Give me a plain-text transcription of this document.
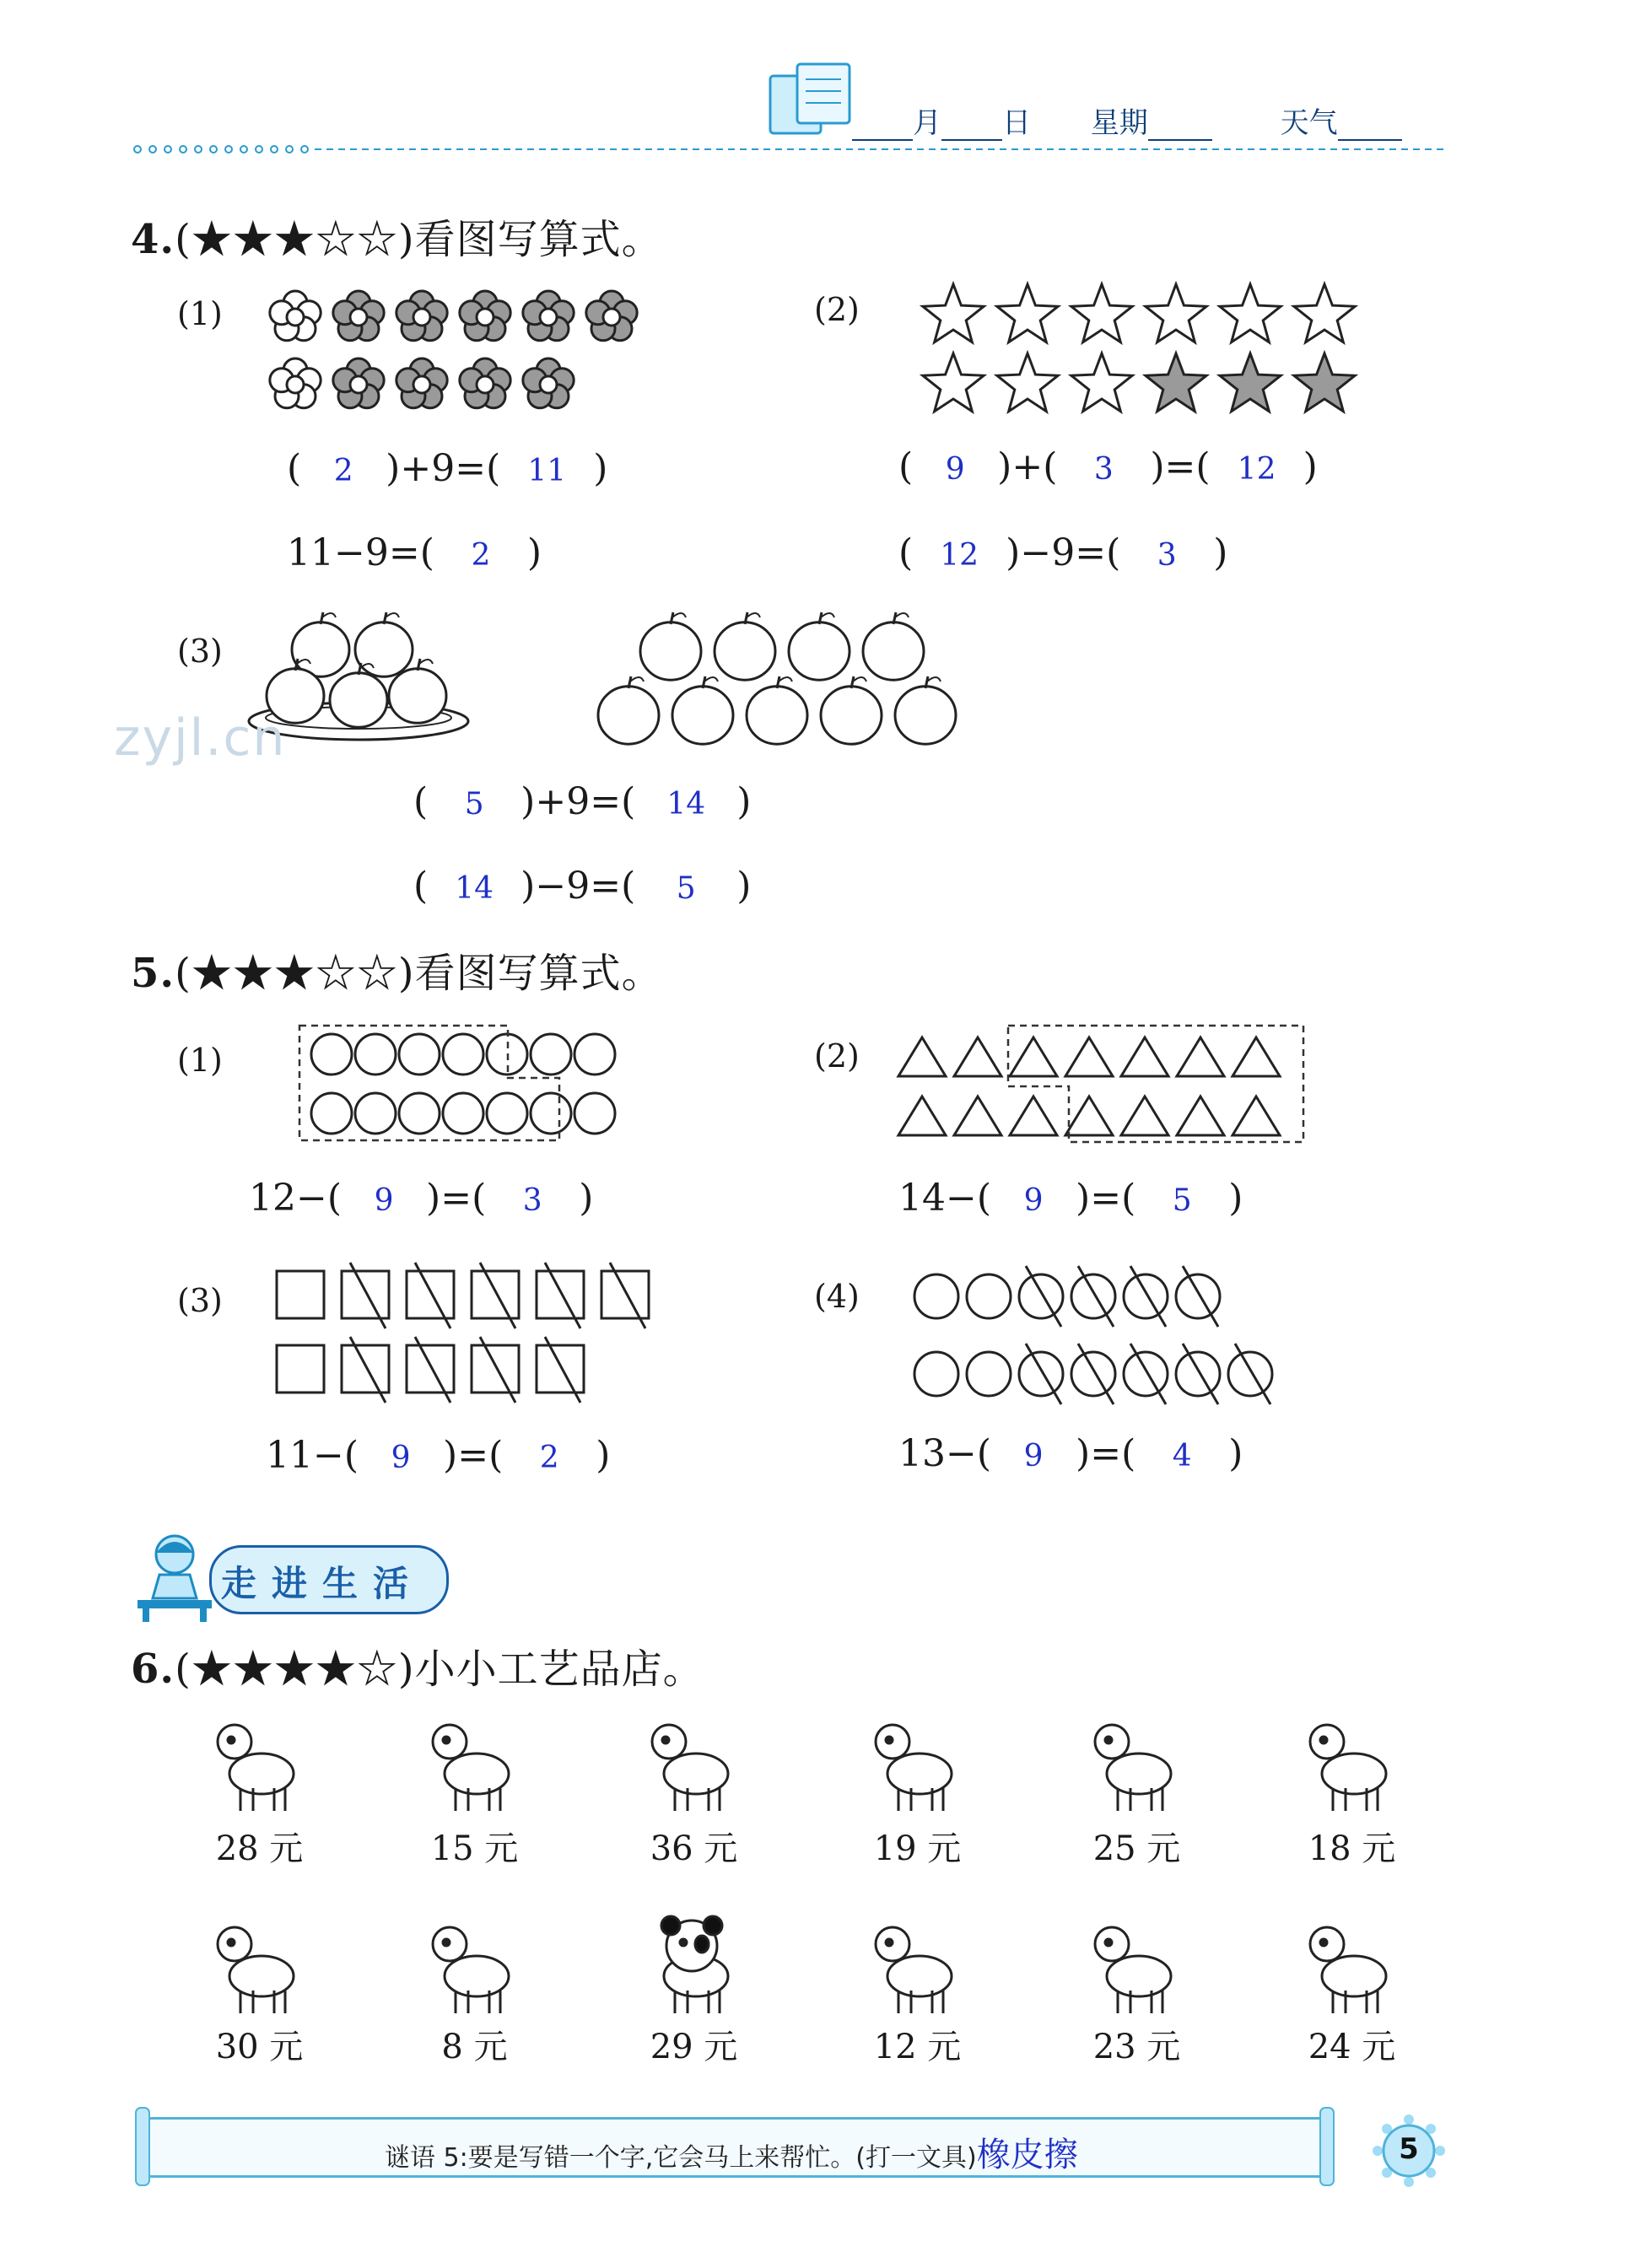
月 日 星期	天气
4.(★★★☆☆)看图写算式。
(1)
( 2 )+9=( 11 )
11−9=( 2 )
(2)
( 9 )+( 3 )=( 12 )
( 12 )−9=( 3 )
(3)
zyjl.cn
( 5 )+9=( 14 )
( 14 )−9=( 5 )
5.(★★★☆☆)看图写算式。
(1)
12−( 9 )=( 3 )
(2)
14−( 9 )=( 5 )
(3)
11−( 9 )=( 2 )
(4)
13−( 9 )=( 4 )
走进生活
6.(★★★★☆)小小工艺品店。
28 元	15 元	36 元	19 元	25 元	18 元
30 元	8 元	29 元	12 元	23 元	24 元
谜语 5:要是写错一个字,它会马上来帮忙。(打一文具)橡皮擦	5
